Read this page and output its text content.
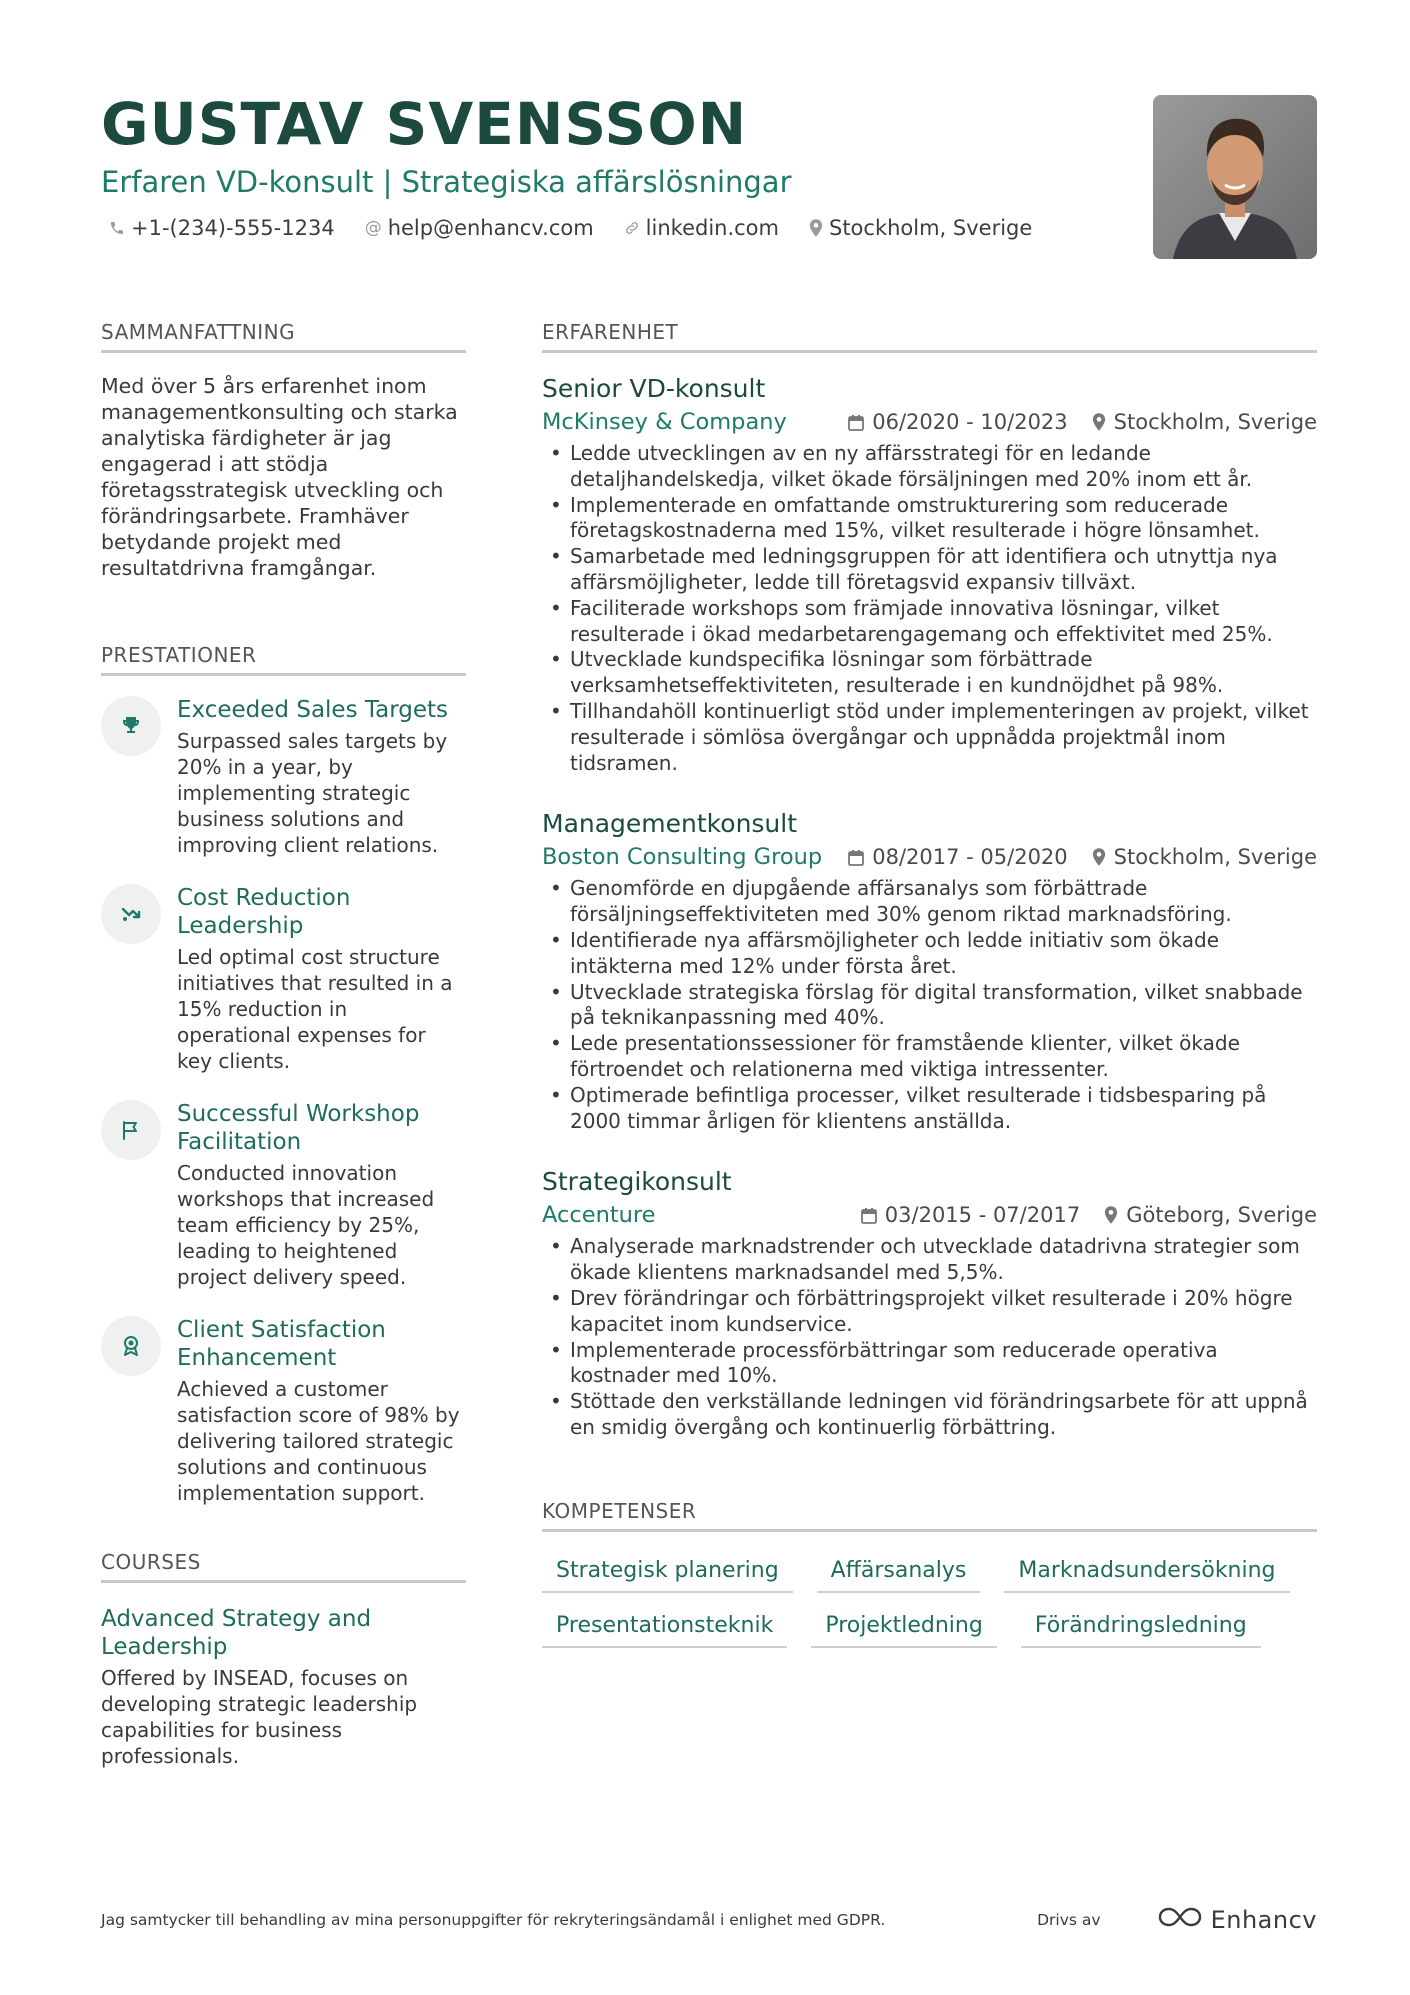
GUSTAV SVENSSON
Erfaren VD-konsult | Strategiska affärslösningar
+1-(234)-555-1234 @ help@enhancv.com linkedin.com Stockholm, Sverige
SAMMANFATTNING
Med över 5 års erfarenhet inom managementkonsulting och starka analytiska färdigheter är jag engagerad i att stödja företagsstrategisk utveckling och förändringsarbete. Framhäver betydande projekt med resultatdrivna framgångar.
PRESTATIONER
Exceeded Sales Targets
Surpassed sales targets by 20% in a year, by implementing strategic business solutions and improving client relations.
Cost Reduction Leadership
Led optimal cost structure initiatives that resulted in a 15% reduction in operational expenses for key clients.
Successful Workshop Facilitation
Conducted innovation workshops that increased team efficiency by 25%, leading to heightened project delivery speed.
Client Satisfaction Enhancement
Achieved a customer satisfaction score of 98% by delivering tailored strategic solutions and continuous implementation support.
COURSES
Advanced Strategy and Leadership
Offered by INSEAD, focuses on developing strategic leadership capabilities for business professionals.
ERFARENHET
Senior VD-konsult
McKinsey & Company	06/2020 - 10/2023 Stockholm, Sverige
• Ledde utvecklingen av en ny affärsstrategi för en ledande detaljhandelskedja, vilket ökade försäljningen med 20% inom ett år.
• Implementerade en omfattande omstrukturering som reducerade företagskostnaderna med 15%, vilket resulterade i högre lönsamhet.
• Samarbetade med ledningsgruppen för att identifiera och utnyttja nya affärsmöjligheter, ledde till företagsvid expansiv tillväxt.
• Faciliterade workshops som främjade innovativa lösningar, vilket resulterade i ökad medarbetarengagemang och effektivitet med 25%.
• Utvecklade kundspecifika lösningar som förbättrade verksamhetseffektiviteten, resulterade i en kundnöjdhet på 98%.
• Tillhandahöll kontinuerligt stöd under implementeringen av projekt, vilket resulterade i sömlösa övergångar och uppnådda projektmål inom tidsramen.
Managementkonsult
Boston Consulting Group 08/2017 - 05/2020 Stockholm, Sverige
• Genomförde en djupgående affärsanalys som förbättrade försäljningseffektiviteten med 30% genom riktad marknadsföring.
• Identifierade nya affärsmöjligheter och ledde initiativ som ökade intäkterna med 12% under första året.
• Utvecklade strategiska förslag för digital transformation, vilket snabbade på teknikanpassning med 40%.
• Lede presentationssessioner för framstående klienter, vilket ökade förtroendet och relationerna med viktiga intressenter.
• Optimerade befintliga processer, vilket resulterade i tidsbesparing på 2000 timmar årligen för klientens anställda.
Strategikonsult
Accenture	03/2015 - 07/2017 Göteborg, Sverige
• Analyserade marknadstrender och utvecklade datadrivna strategier som ökade klientens marknadsandel med 5,5%.
• Drev förändringar och förbättringsprojekt vilket resulterade i 20% högre kapacitet inom kundservice.
• Implementerade processförbättringar som reducerade operativa kostnader med 10%.
• Stöttade den verkställande ledningen vid förändringsarbete för att uppnå en smidig övergång och kontinuerlig förbättring.
KOMPETENSER
Strategisk planering	Affärsanalys	Marknadsundersökning
Presentationsteknik	Projektledning	Förändringsledning
Jag samtycker till behandling av mina personuppgifter för rekryteringsändamål i enlighet med GDPR.	Drivs av	Enhancv
